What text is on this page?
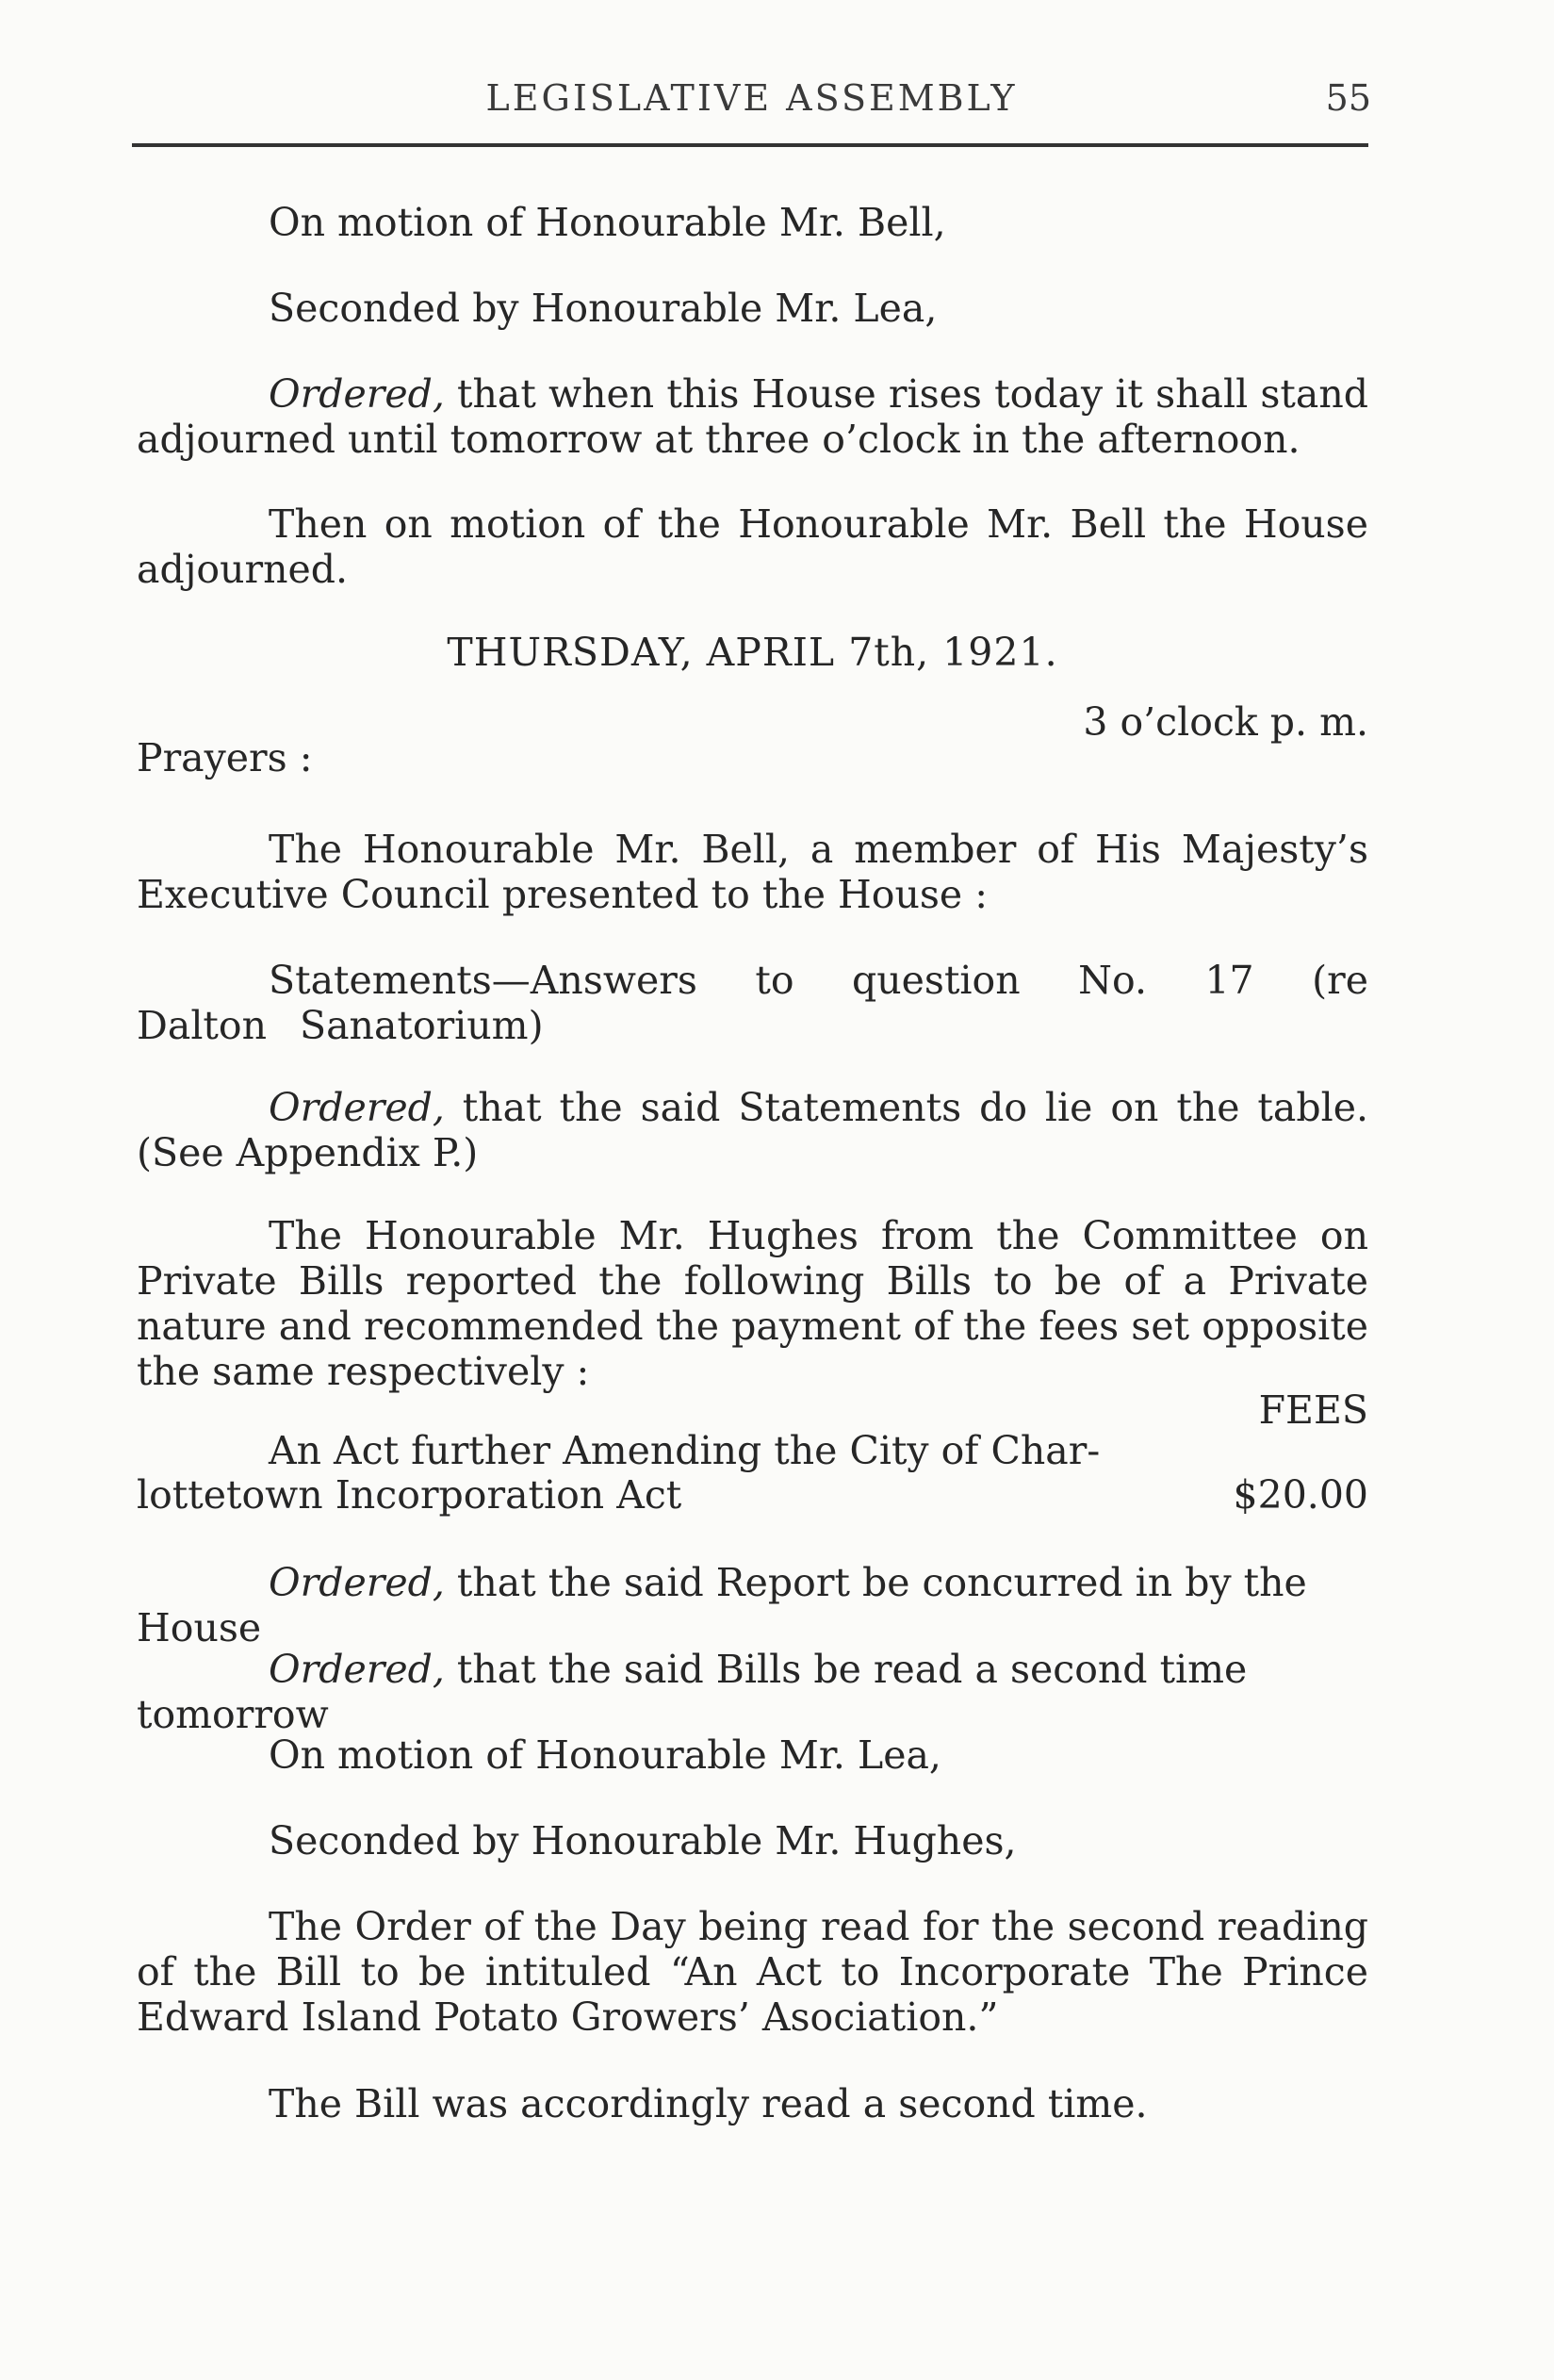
LEGISLATIVE ASSEMBLY	55
On motion of Honourable Mr. Bell,
Seconded by Honourable Mr. Lea,
Ordered, that when this House rises today it shall stand adjourned until tomorrow at three o’clock in the afternoon.
Then on motion of the Honourable Mr. Bell the House adjourned.
THURSDAY, APRIL 7th, 1921.
3 o’clock p. m.
Prayers :
The Honourable Mr. Bell, a member of His Majesty’s Executive Council presented to the House :
Statements—Answers to question No. 17 (re Dalton Sanatorium)
Ordered, that the said Statements do lie on the table. (See Appendix P.)
The Honourable Mr. Hughes from the Committee on Private Bills reported the following Bills to be of a Private nature and recommended the payment of the fees set opposite the same respectively :
FEES
An Act further Amending the City of Char-
lottetown Incorporation Act	$20.00
Ordered, that the said Report be concurred in by the House
Ordered, that the said Bills be read a second time tomorrow
On motion of Honourable Mr. Lea,
Seconded by Honourable Mr. Hughes,
The Order of the Day being read for the second reading of the Bill to be intituled “An Act to Incorporate The Prince Edward Island Potato Growers’ Asociation.”
The Bill was accordingly read a second time.
